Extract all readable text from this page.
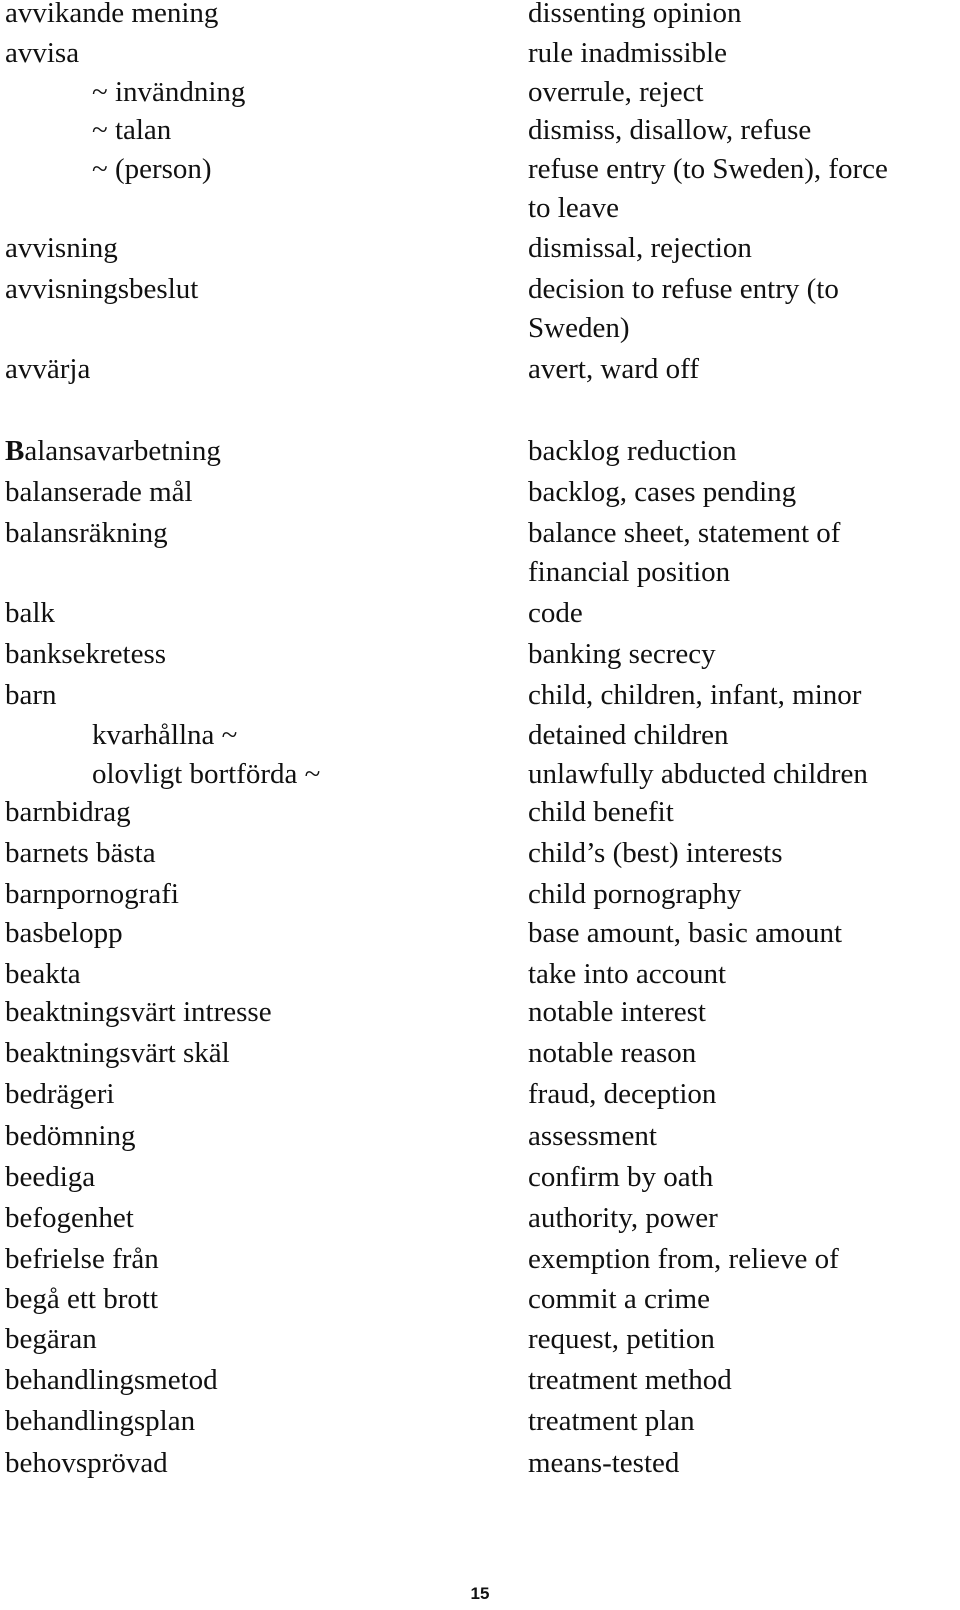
avvikande mening	dissenting opinion
avvisa	rule inadmissible
~ invändning	overrule, reject
~ talan	dismiss, disallow, refuse
~ (person)	refuse entry (to Sweden), force
to leave
avvisning	dismissal, rejection
avvisningsbeslut	decision to refuse entry (to
Sweden)
avvärja	avert, ward off
Balansavarbetning	backlog reduction
balanserade mål	backlog, cases pending
balansräkning	balance sheet, statement of
financial position
balk	code
banksekretess	banking secrecy
barn	child, children, infant, minor
kvarhållna ~	detained children
olovligt bortförda ~	unlawfully abducted children
barnbidrag	child benefit
barnets bästa	child’s (best) interests
barnpornografi	child pornography
basbelopp	base amount, basic amount
beakta	take into account
beaktningsvärt intresse	notable interest
beaktningsvärt skäl	notable reason
bedrägeri	fraud, deception
bedömning	assessment
beediga	confirm by oath
befogenhet	authority, power
befrielse från	exemption from, relieve of
begå ett brott	commit a crime
begäran	request, petition
behandlingsmetod	treatment method
behandlingsplan	treatment plan
behovsprövad	means-tested
15
